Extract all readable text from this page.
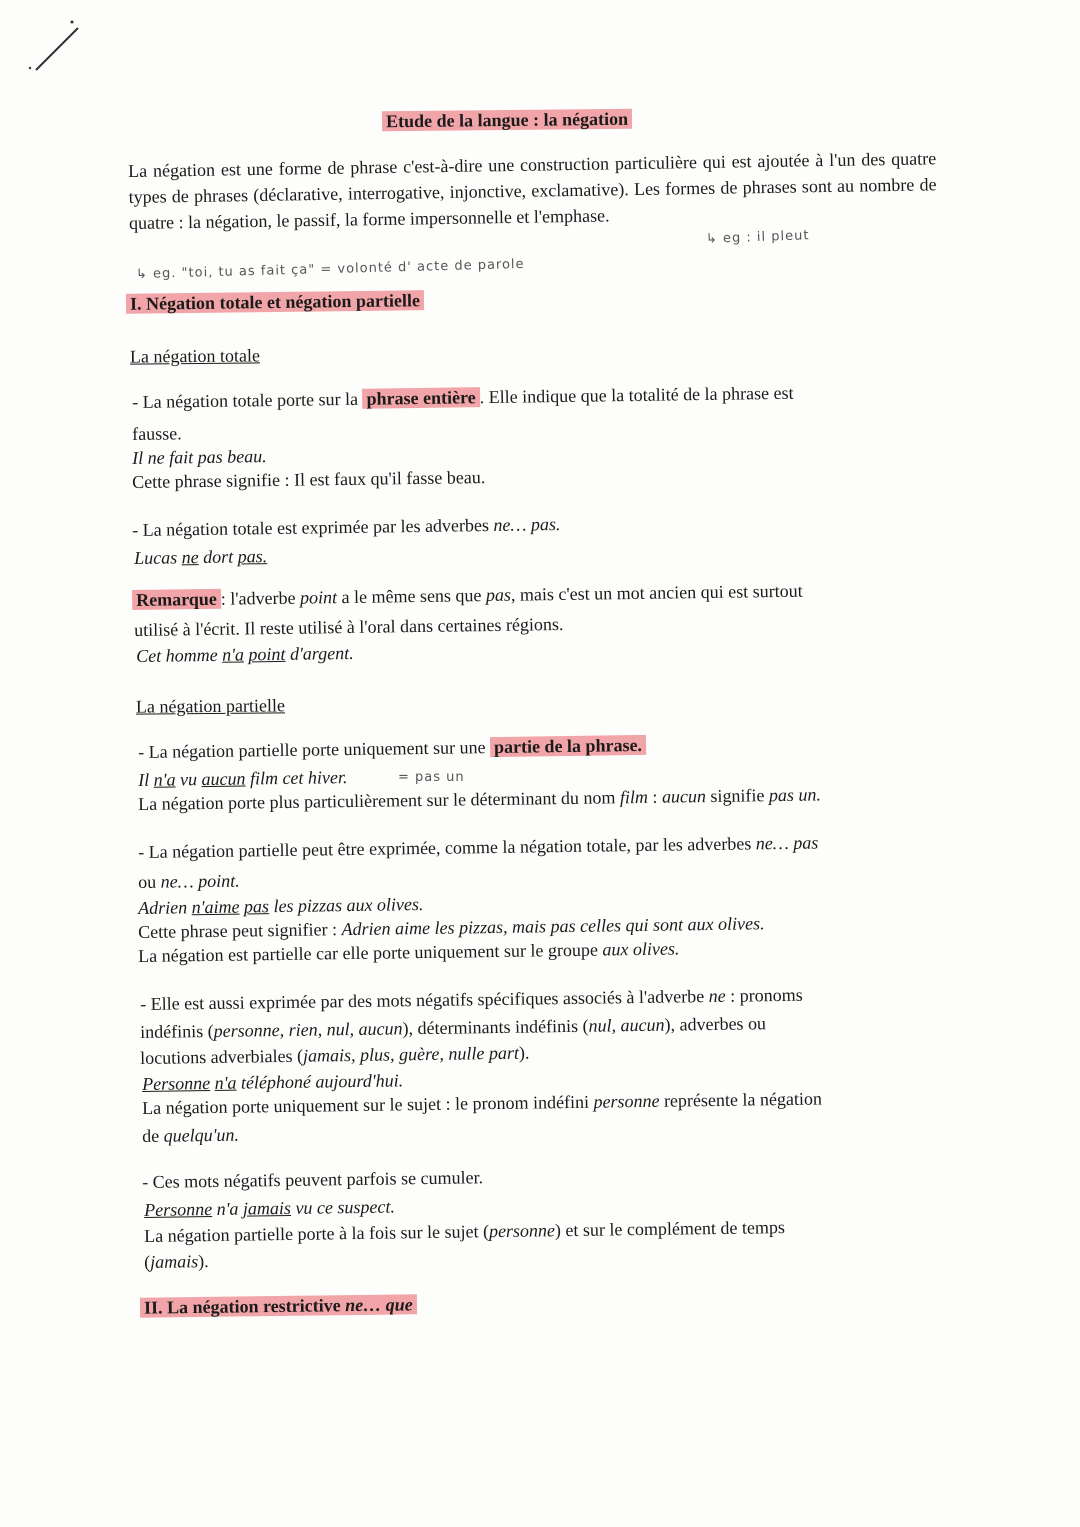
Etude de la langue : la négation
La négation est une forme de phrase c'est-à-dire une construction particulière qui est ajoutée à l'un des quatre types de phrases (déclarative, interrogative, injonctive, exclamative). Les formes de phrases sont au nombre de quatre : la négation, le passif, la forme impersonnelle et l'emphase.
↳ eg : il pleut
↳ eg. "toi, tu as fait ça" = volonté d' acte de parole
I. Négation totale et négation partielle
La négation totale
- La négation totale porte sur la phrase entière . Elle indique que la totalité de la phrase est
fausse.
Il ne fait pas beau.
Cette phrase signifie : Il est faux qu'il fasse beau.
- La négation totale est exprimée par les adverbes ne… pas.
Lucas ne dort pas.
Remarque : l'adverbe point a le même sens que pas, mais c'est un mot ancien qui est surtout
utilisé à l'écrit. Il reste utilisé à l'oral dans certaines régions.
Cet homme n'a point d'argent.
La négation partielle
- La négation partielle porte uniquement sur une partie de la phrase.
Il n'a vu aucun film cet hiver.	= pas un
La négation porte plus particulièrement sur le déterminant du nom film : aucun signifie pas un.
- La négation partielle peut être exprimée, comme la négation totale, par les adverbes ne… pas
ou ne… point.
Adrien n'aime pas les pizzas aux olives.
Cette phrase peut signifier : Adrien aime les pizzas, mais pas celles qui sont aux olives.
La négation est partielle car elle porte uniquement sur le groupe aux olives.
- Elle est aussi exprimée par des mots négatifs spécifiques associés à l'adverbe ne : pronoms
indéfinis (personne, rien, nul, aucun), déterminants indéfinis (nul, aucun), adverbes ou
locutions adverbiales (jamais, plus, guère, nulle part).
Personne n'a téléphoné aujourd'hui.
La négation porte uniquement sur le sujet : le pronom indéfini personne représente la négation
de quelqu'un.
- Ces mots négatifs peuvent parfois se cumuler.
Personne n'a jamais vu ce suspect.
La négation partielle porte à la fois sur le sujet (personne) et sur le complément de temps
(jamais).
II. La négation restrictive ne… que
